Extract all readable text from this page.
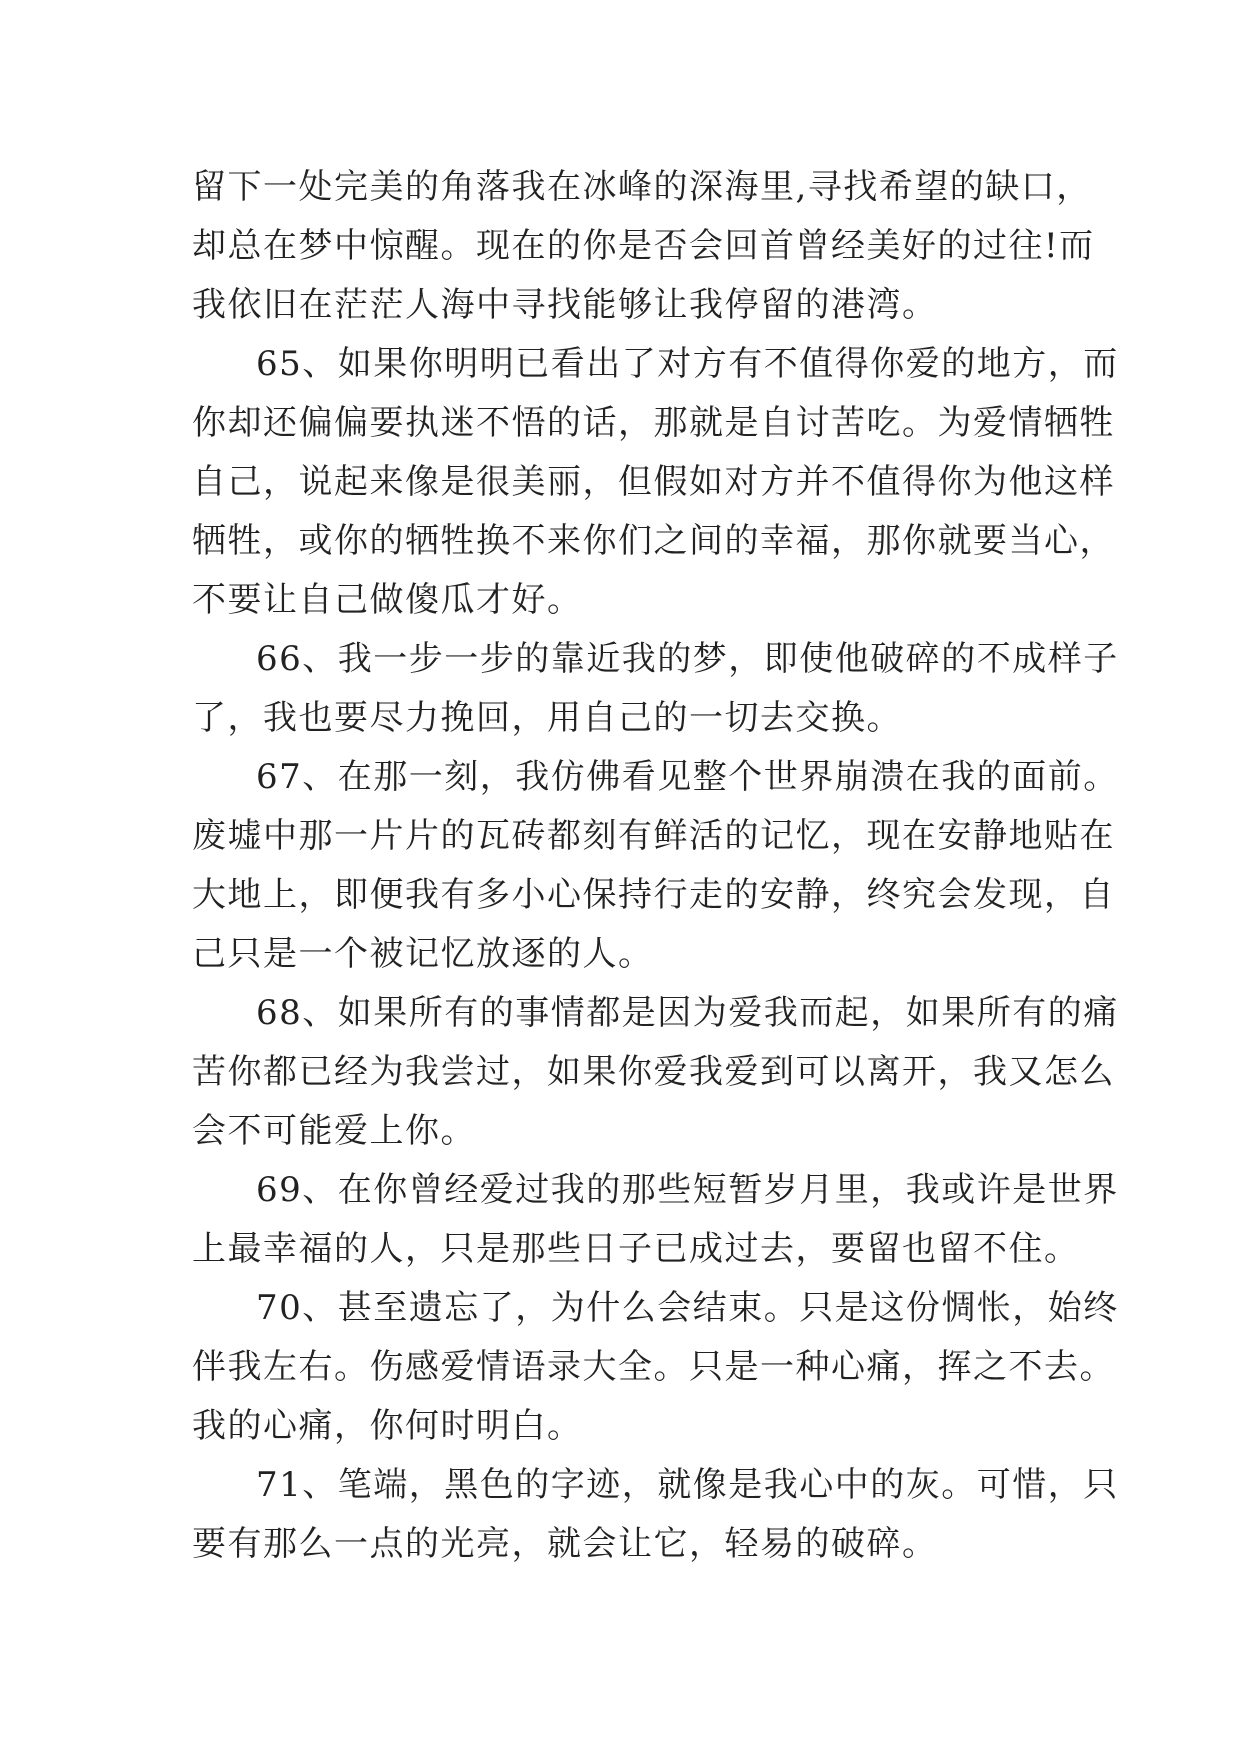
留下一处完美的角落我在冰峰的深海里,寻找希望的缺口，
却总在梦中惊醒。现在的你是否会回首曾经美好的过往!而
我依旧在茫茫人海中寻找能够让我停留的港湾。
65、如果你明明已看出了对方有不值得你爱的地方，而
你却还偏偏要执迷不悟的话，那就是自讨苦吃。为爱情牺牲
自己，说起来像是很美丽，但假如对方并不值得你为他这样
牺牲，或你的牺牲换不来你们之间的幸福，那你就要当心，
不要让自己做傻瓜才好。
66、我一步一步的靠近我的梦，即使他破碎的不成样子
了，我也要尽力挽回，用自己的一切去交换。
67、在那一刻，我仿佛看见整个世界崩溃在我的面前。
废墟中那一片片的瓦砖都刻有鲜活的记忆，现在安静地贴在
大地上，即便我有多小心保持行走的安静，终究会发现，自
己只是一个被记忆放逐的人。
68、如果所有的事情都是因为爱我而起，如果所有的痛
苦你都已经为我尝过，如果你爱我爱到可以离开，我又怎么
会不可能爱上你。
69、在你曾经爱过我的那些短暂岁月里，我或许是世界
上最幸福的人，只是那些日子已成过去，要留也留不住。
70、甚至遗忘了，为什么会结束。只是这份惆怅，始终
伴我左右。伤感爱情语录大全。只是一种心痛，挥之不去。
我的心痛，你何时明白。
71、笔端，黑色的字迹，就像是我心中的灰。可惜，只
要有那么一点的光亮，就会让它，轻易的破碎。
